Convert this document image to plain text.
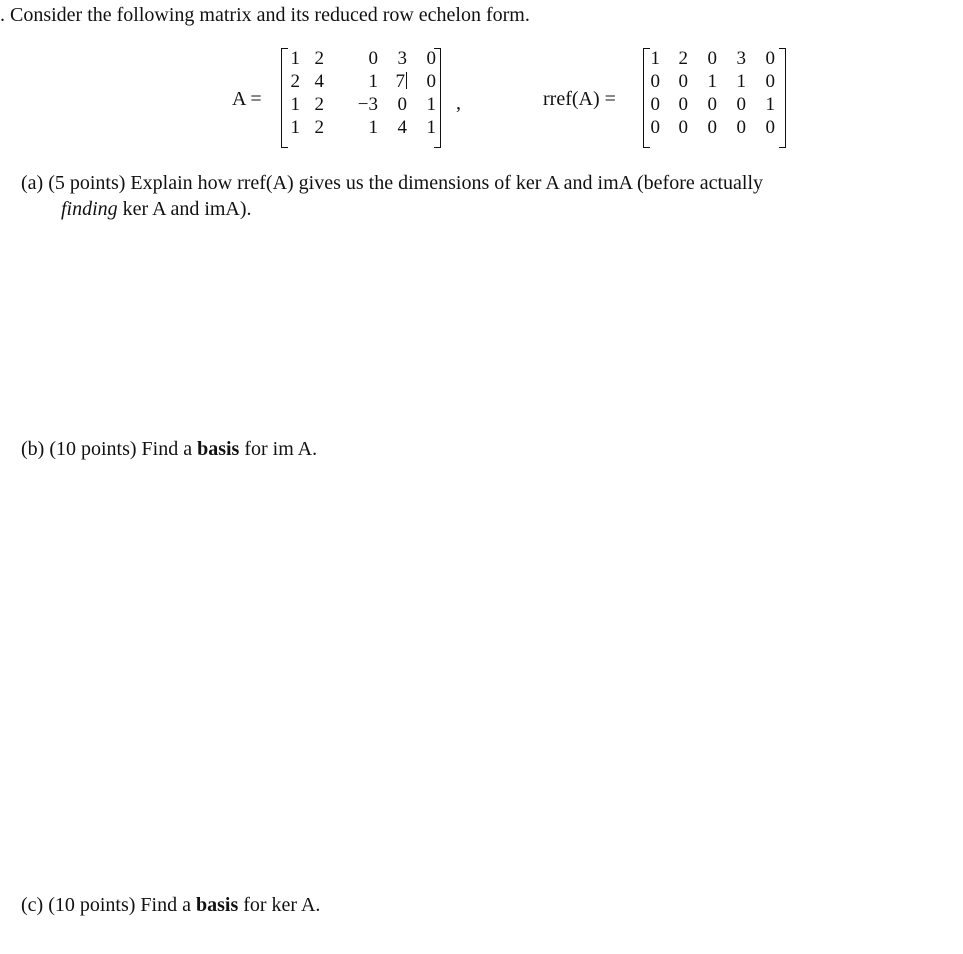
. Consider the following matrix and its reduced row echelon form.
A =
1	2	0	3	0
2	4	1	7	0
1	2	−3	0	1
1	2	1	4	1
,	rref(A) =
1	2	0	3	0
0	0	1	1	0
0	0	0	0	1
0	0	0	0	0
(a) (5 points) Explain how rref(A) gives us the dimensions of ker A and imA (before actually
finding ker A and imA).
(b) (10 points) Find a basis for im A.
(c) (10 points) Find a basis for ker A.
